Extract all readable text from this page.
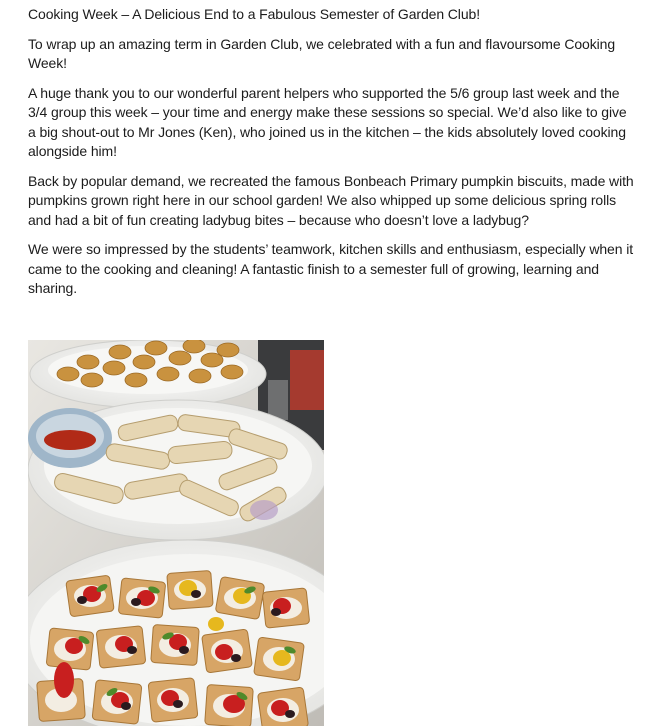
Cooking Week – A Delicious End to a Fabulous Semester of Garden Club!

To wrap up an amazing term in Garden Club, we celebrated with a fun and flavoursome Cooking Week!

A huge thank you to our wonderful parent helpers who supported the 5/6 group last week and the 3/4 group this week – your time and energy make these sessions so special. We’d also like to give a big shout-out to Mr Jones (Ken), who joined us in the kitchen – the kids absolutely loved cooking alongside him!

Back by popular demand, we recreated the famous Bonbeach Primary pumpkin biscuits, made with pumpkins grown right here in our school garden! We also whipped up some delicious spring rolls and had a bit of fun creating ladybug bites – because who doesn’t love a ladybug?

We were so impressed by the students’ teamwork, kitchen skills and enthusiasm, especially when it came to the cooking and cleaning! A fantastic finish to a semester full of growing, learning and sharing.
